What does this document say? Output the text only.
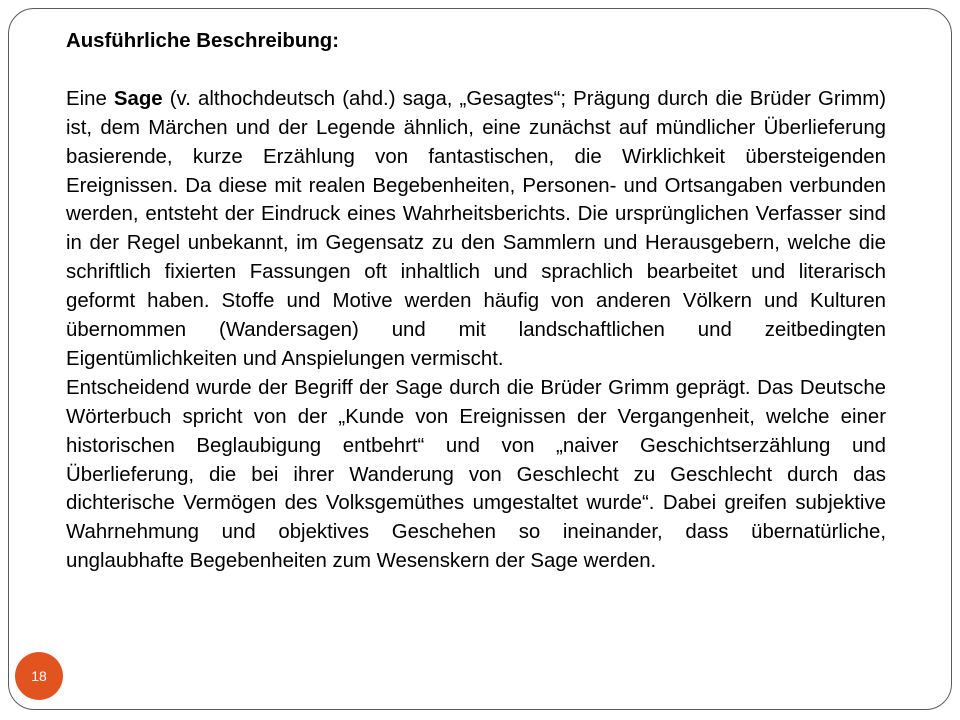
Ausführliche Beschreibung:

Eine Sage (v. althochdeutsch (ahd.) saga, „Gesagtes“; Prägung durch die Brüder Grimm) ist, dem Märchen und der Legende ähnlich, eine zunächst auf mündlicher Überlieferung basierende, kurze Erzählung von fantastischen, die Wirklichkeit übersteigenden Ereignissen. Da diese mit realen Begebenheiten, Personen- und Ortsangaben verbunden werden, entsteht der Eindruck eines Wahrheitsberichts. Die ursprünglichen Verfasser sind in der Regel unbekannt, im Gegensatz zu den Sammlern und Herausgebern, welche die schriftlich fixierten Fassungen oft inhaltlich und sprachlich bearbeitet und literarisch geformt haben. Stoffe und Motive werden häufig von anderen Völkern und Kulturen übernommen (Wandersagen) und mit landschaftlichen und zeitbedingten Eigentümlichkeiten und Anspielungen vermischt.

Entscheidend wurde der Begriff der Sage durch die Brüder Grimm geprägt. Das Deutsche Wörterbuch spricht von der „Kunde von Ereignissen der Vergangenheit, welche einer historischen Beglaubigung entbehrt“ und von „naiver Geschichtserzählung und Überlieferung, die bei ihrer Wanderung von Geschlecht zu Geschlecht durch das dichterische Vermögen des Volksgemüthes umgestaltet wurde“. Dabei greifen subjektive Wahrnehmung und objektives Geschehen so ineinander, dass übernatürliche, unglaubhafte Begebenheiten zum Wesenskern der Sage werden.

18
